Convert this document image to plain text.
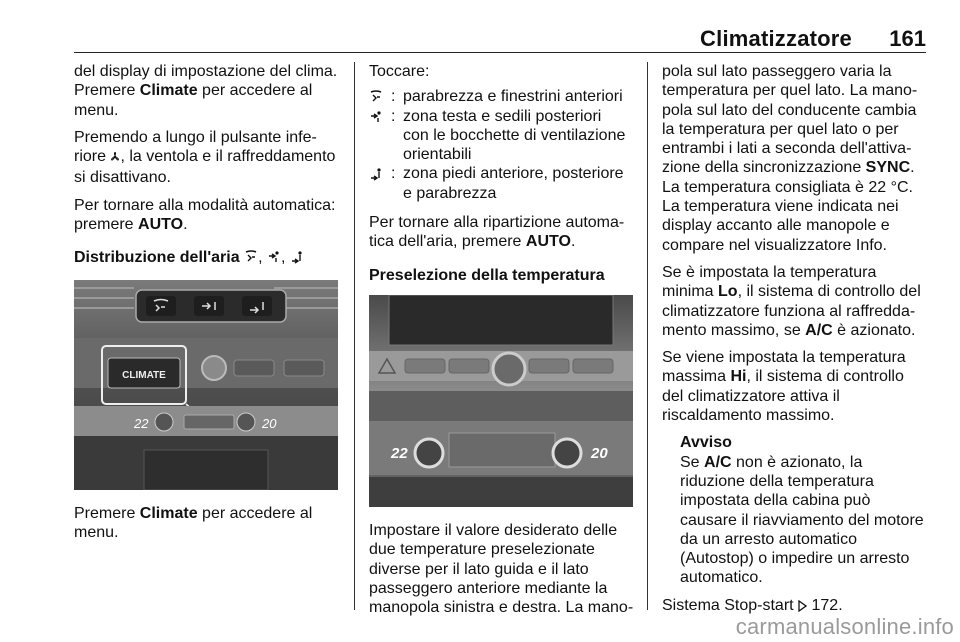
Climatizzatore 161

del display di impostazione del clima.
Premere Climate per accedere al menu.

Premendo a lungo il pulsante infe-riore , la ventola e il raffreddamento si disattivano.

Per tornare alla modalità automatica: premere AUTO.

Distribuzione dell'aria , ,

CLIMATE
22	20

Premere Climate per accedere al menu.

Toccare:

: parabrezza e finestrini anteriori
: zona testa e sedili posteriori con le bocchette di ventilazione orientabili
: zona piedi anteriore, posteriore e parabrezza

Per tornare alla ripartizione automa-tica dell'aria, premere AUTO.

Preselezione della temperatura

22	20

Impostare il valore desiderato delle due temperature preselezionate diverse per il lato guida e il lato passeggero anteriore mediante la manopola sinistra e destra. La mano-

pola sul lato passeggero varia la temperatura per quel lato. La mano-pola sul lato del conducente cambia la temperatura per quel lato o per entrambi i lati a seconda dell'attiva-zione della sincronizzazione SYNC. La temperatura consigliata è 22 °C. La temperatura viene indicata nei display accanto alle manopole e compare nel visualizzatore Info.

Se è impostata la temperatura minima Lo, il sistema di controllo del climatizzatore funziona al raffredda-mento massimo, se A/C è azionato.

Se viene impostata la temperatura massima Hi, il sistema di controllo del climatizzatore attiva il riscaldamento massimo.

Avviso
Se A/C non è azionato, la riduzione della temperatura impostata della cabina può causare il riavviamento del motore da un arresto automatico (Autostop) o impedire un arresto automatico.

Sistema Stop-start  172.

carmanualsonline.info
